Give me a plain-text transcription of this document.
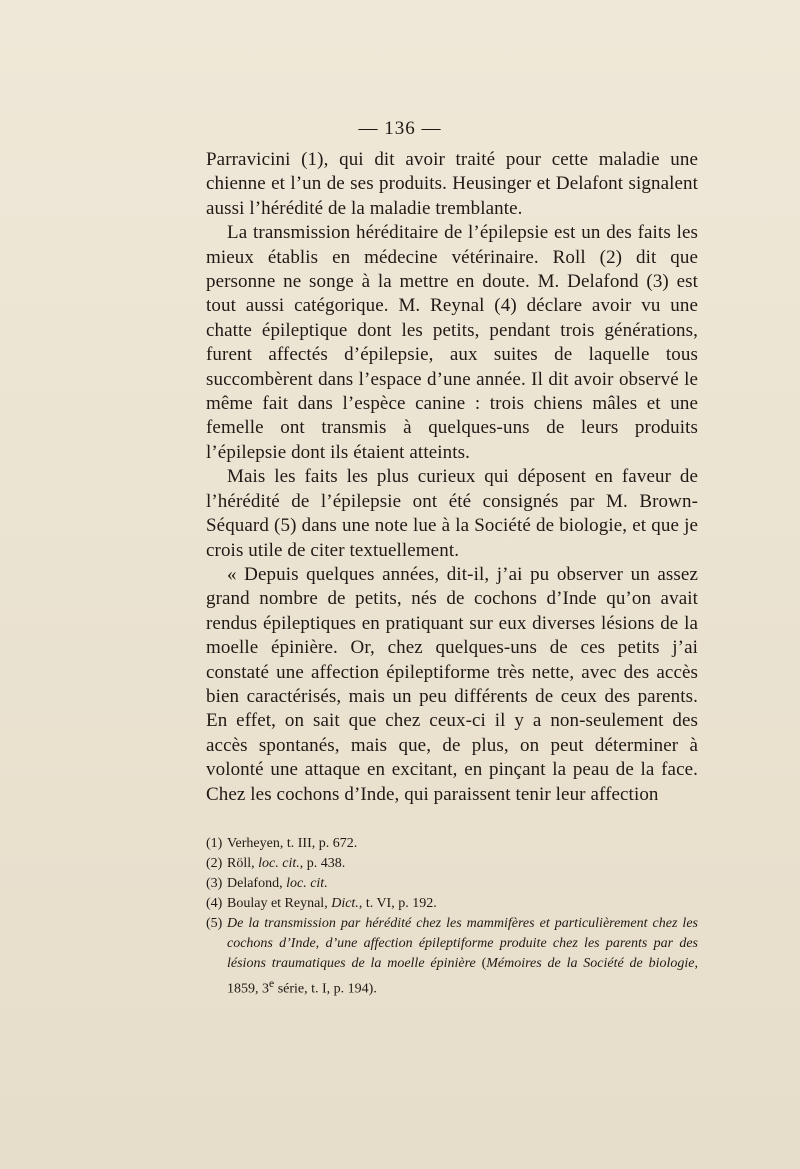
— 136 —

Parravicini (1), qui dit avoir traité pour cette maladie une chienne et l’un de ses produits. Heusinger et Delafont signalent aussi l’hérédité de la maladie tremblante.

La transmission héréditaire de l’épilepsie est un des faits les mieux établis en médecine vétérinaire. Roll (2) dit que personne ne songe à la mettre en doute. M. Delafond (3) est tout aussi catégorique. M. Reynal (4) déclare avoir vu une chatte épileptique dont les petits, pendant trois générations, furent affectés d’épilepsie, aux suites de laquelle tous succombèrent dans l’espace d’une année. Il dit avoir observé le même fait dans l’espèce canine : trois chiens mâles et une femelle ont transmis à quelques-uns de leurs produits l’épilepsie dont ils étaient atteints.

Mais les faits les plus curieux qui déposent en faveur de l’hérédité de l’épilepsie ont été consignés par M. Brown-Séquard (5) dans une note lue à la Société de biologie, et que je crois utile de citer textuellement.

« Depuis quelques années, dit-il, j’ai pu observer un assez grand nombre de petits, nés de cochons d’Inde qu’on avait rendus épileptiques en pratiquant sur eux diverses lésions de la moelle épinière. Or, chez quelques-uns de ces petits j’ai constaté une affection épileptiforme très nette, avec des accès bien caractérisés, mais un peu différents de ceux des parents. En effet, on sait que chez ceux-ci il y a non-seulement des accès spontanés, mais que, de plus, on peut déterminer à volonté une attaque en excitant, en pinçant la peau de la face. Chez les cochons d’Inde, qui paraissent tenir leur affection

(1) Verheyen, t. III, p. 672.

(2) Röll, loc. cit., p. 438.

(3) Delafond, loc. cit.

(4) Boulay et Reynal, Dict., t. VI, p. 192.

(5) De la transmission par hérédité chez les mammifères et particulièrement chez les cochons d’Inde, d’une affection épileptiforme produite chez les parents par des lésions traumatiques de la moelle épinière (Mémoires de la Société de biologie, 1859, 3e série, t. I, p. 194).
